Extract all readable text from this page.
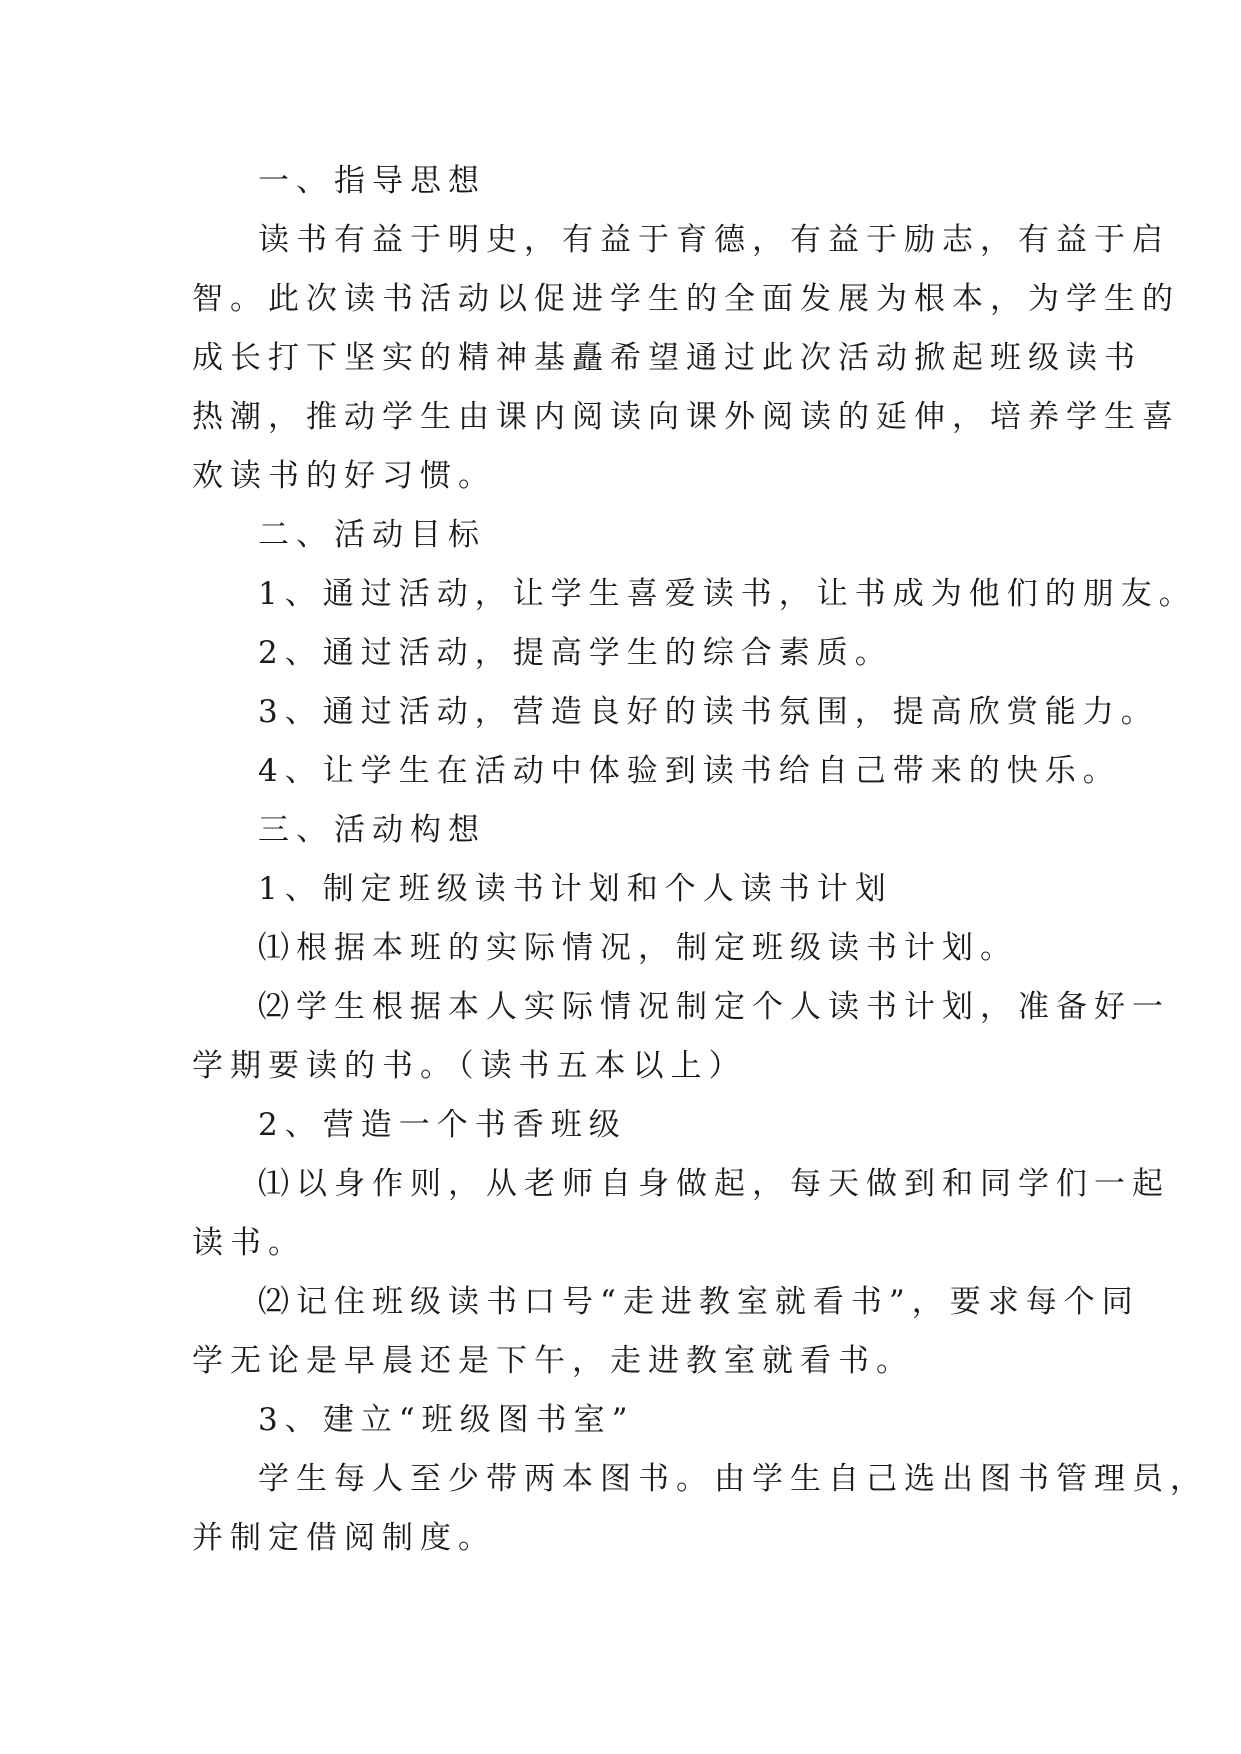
一、指导思想
读书有益于明史，有益于育德，有益于励志，有益于启
智。此次读书活动以促进学生的全面发展为根本，为学生的
成长打下坚实的精神基矗希望通过此次活动掀起班级读书
热潮，推动学生由课内阅读向课外阅读的延伸，培养学生喜
欢读书的好习惯。
二、活动目标
1、通过活动，让学生喜爱读书，让书成为他们的朋友。
2、通过活动，提高学生的综合素质。
3、通过活动，营造良好的读书氛围，提高欣赏能力。
4、让学生在活动中体验到读书给自己带来的快乐。
三、活动构想
1、制定班级读书计划和个人读书计划
⑴根据本班的实际情况，制定班级读书计划。
⑵学生根据本人实际情况制定个人读书计划，准备好一
学期要读的书。（读书五本以上）
2、营造一个书香班级
⑴以身作则，从老师自身做起，每天做到和同学们一起
读书。
⑵记住班级读书口号“走进教室就看书”，要求每个同
学无论是早晨还是下午，走进教室就看书。
3、建立“班级图书室”
学生每人至少带两本图书。由学生自己选出图书管理员，
并制定借阅制度。
